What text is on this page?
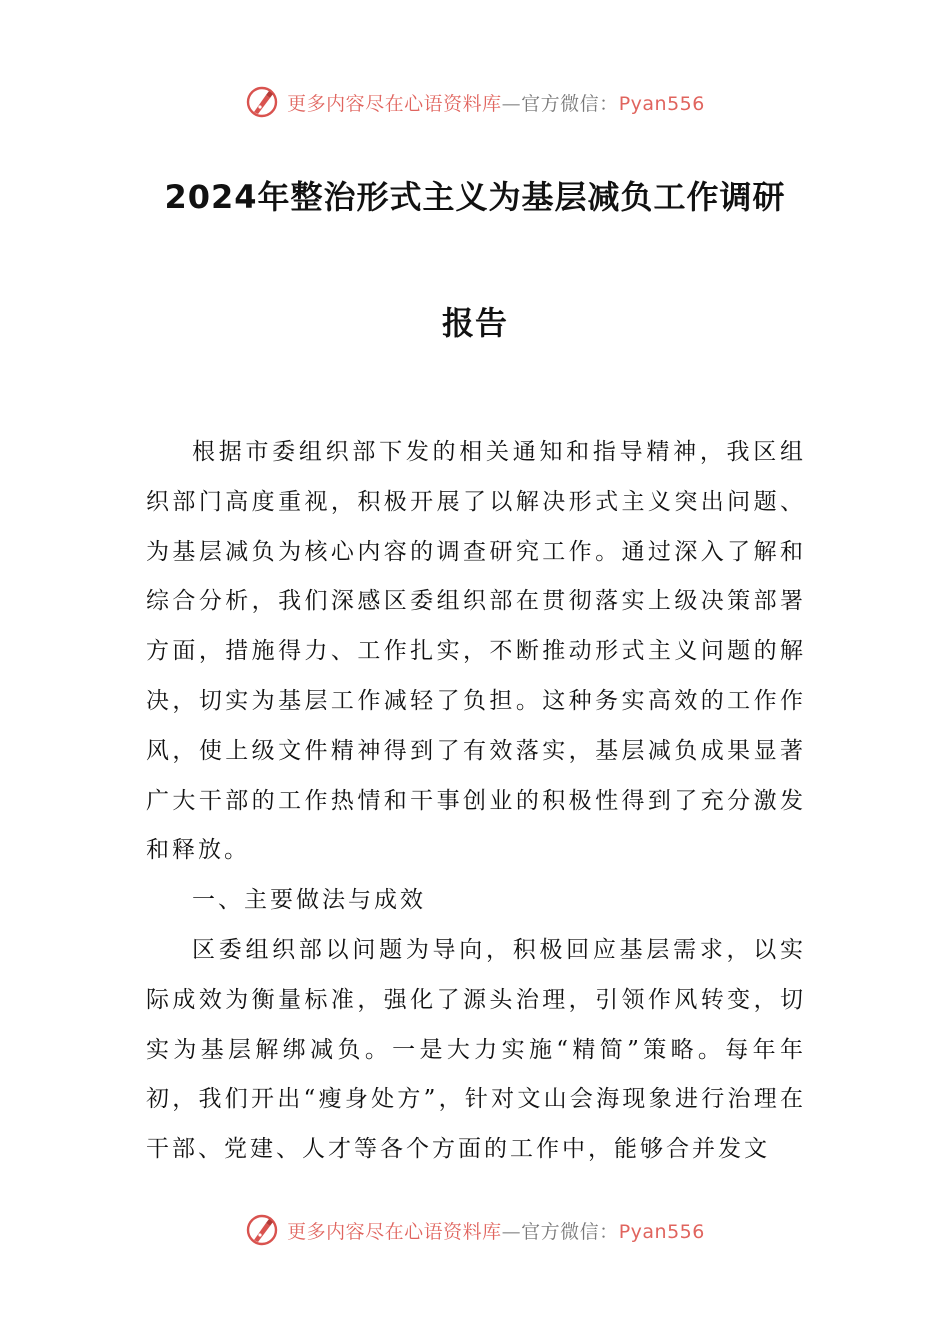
更多内容尽在心语资料库—官方微信：Pyan556
2024年整治形式主义为基层减负工作调研
报告

根据市委组织部下发的相关通知和指导精神，我区组织部门高度重视，积极开展了以解决形式主义突出问题、为基层减负为核心内容的调查研究工作。通过深入了解和综合分析，我们深感区委组织部在贯彻落实上级决策部署方面，措施得力、工作扎实，不断推动形式主义问题的解决，切实为基层工作减轻了负担。这种务实高效的工作作风，使上级文件精神得到了有效落实，基层减负成果显著广大干部的工作热情和干事创业的积极性得到了充分激发和释放。

一、主要做法与成效

区委组织部以问题为导向，积极回应基层需求，以实际成效为衡量标准，强化了源头治理，引领作风转变，切实为基层解绑减负。一是大力实施“精简”策略。每年年初，我们开出“瘦身处方”，针对文山会海现象进行治理在干部、党建、人才等各个方面的工作中，能够合并发文

更多内容尽在心语资料库—官方微信：Pyan556
